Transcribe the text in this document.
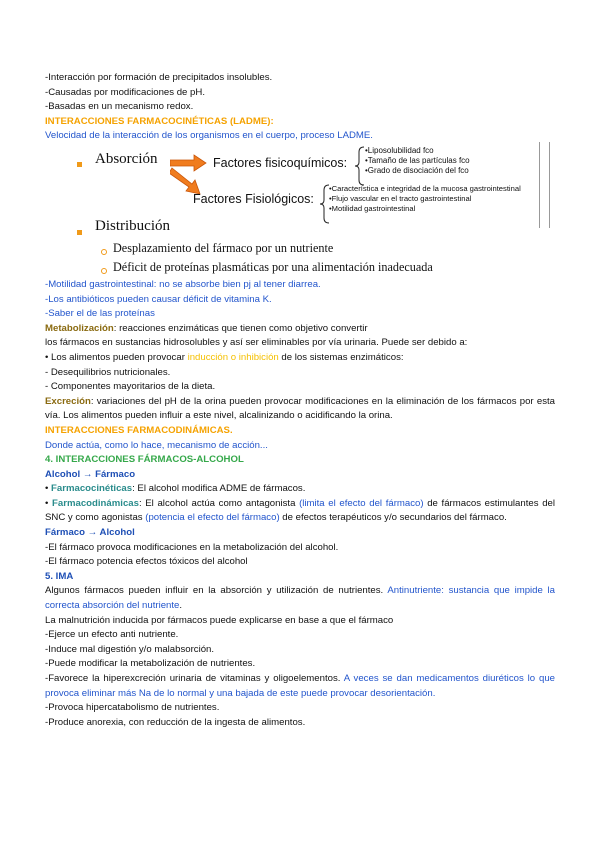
-Interacción por formación de precipitados insolubles.
-Causadas por modificaciones de pH.
-Basadas en un mecanismo redox.
INTERACCIONES FARMACOCINÉTICAS (LADME):
Velocidad de la interacción de los organismos en el cuerpo, proceso LADME.
Absorción	Factores fisicoquímicos:
•Liposolubilidad fco
•Tamaño de las partículas fco
•Grado de disociación del fco
Factores Fisiológicos:
•Característica e integridad de la mucosa gastrointestinal
•Flujo vascular en el tracto gastrointestinal
•Motilidad gastrointestinal
Distribución
Desplazamiento del fármaco por un nutriente
Déficit de proteínas plasmáticas por una alimentación inadecuada
-Motilidad gastrointestinal: no se absorbe bien pj al tener diarrea.
-Los antibióticos pueden causar déficit de vitamina K.
-Saber el de las proteínas
Metabolización: reacciones enzimáticas que tienen como objetivo convertir
los fármacos en sustancias hidrosolubles y así ser eliminables por vía urinaria. Puede ser debido a:
• Los alimentos pueden provocar inducción o inhibición de los sistemas enzimáticos:
- Desequilibrios nutricionales.
- Componentes mayoritarios de la dieta.
Excreción: variaciones del pH de la orina pueden provocar modificaciones en la eliminación de los fármacos por esta vía. Los alimentos pueden influir a este nivel, alcalinizando o acidificando la orina.
INTERACCIONES FARMACODINÁMICAS.
Donde actúa, como lo hace, mecanismo de acción...
4. INTERACCIONES FÁRMACOS-ALCOHOL
Alcohol → Fármaco
• Farmacocinéticas: El alcohol modifica ADME de fármacos.
• Farmacodinámicas: El alcohol actúa como antagonista (limita el efecto del fármaco) de fármacos estimulantes del SNC y como agonistas (potencia el efecto del fármaco) de efectos terapéuticos y/o secundarios del fármaco.
Fármaco → Alcohol
-El fármaco provoca modificaciones en la metabolización del alcohol.
-El fármaco potencia efectos tóxicos del alcohol
5. IMA
Algunos fármacos pueden influir en la absorción y utilización de nutrientes. Antinutriente: sustancia que impide la correcta absorción del nutriente.
La malnutrición inducida por fármacos puede explicarse en base a que el fármaco
-Ejerce un efecto anti nutriente.
-Induce mal digestión y/o malabsorción.
-Puede modificar la metabolización de nutrientes.
-Favorece la hiperexcreción urinaria de vitaminas y oligoelementos. A veces se dan medicamentos diuréticos lo que provoca eliminar más Na de lo normal y una bajada de este puede provocar desorientación.
-Provoca hipercatabolismo de nutrientes.
-Produce anorexia, con reducción de la ingesta de alimentos.
